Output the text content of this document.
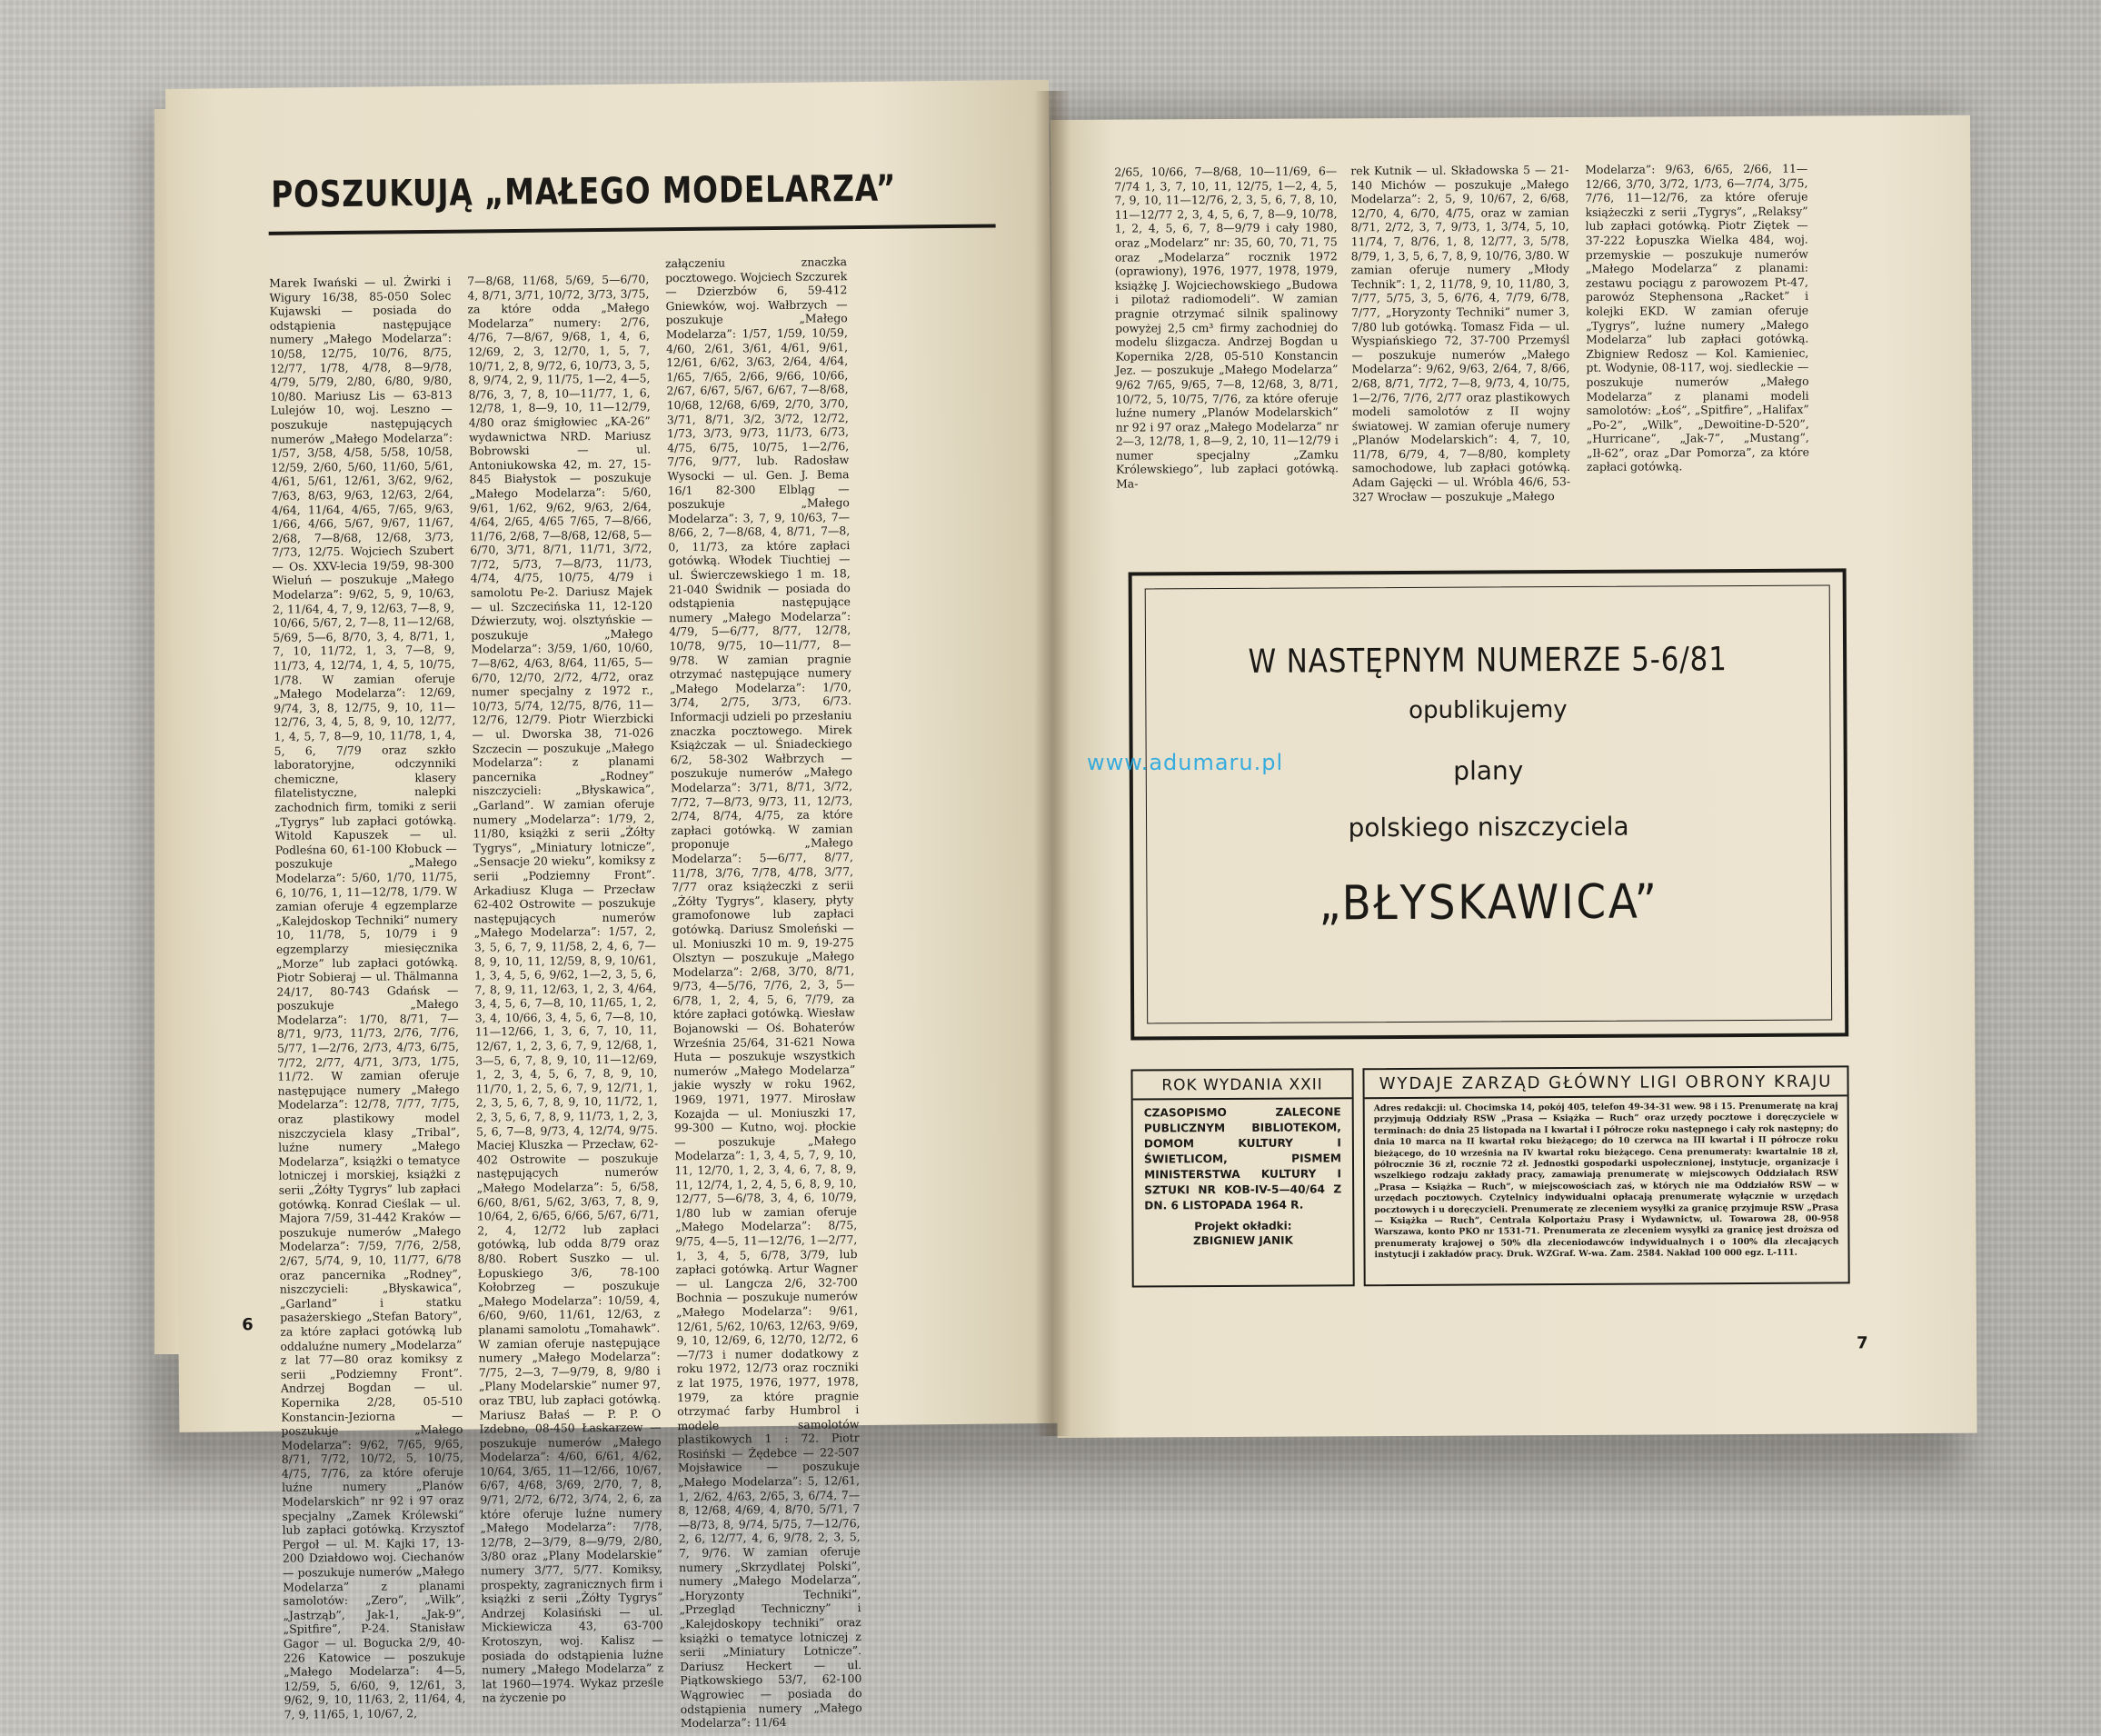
POSZUKUJĄ „MAŁEGO MODELARZA”
Marek Iwański — ul. Żwirki i Wigury 16/38, 85-050 Solec Kujawski — posiada do odstąpienia następujące numery „Małego Modelarza”: 10/58, 12/75, 10/76, 8/75, 12/77, 1/78, 4/78, 8—9/78, 4/79, 5/79, 2/80, 6/80, 9/80, 10/80. Mariusz Lis — 63-813 Lulejów 10, woj. Leszno — poszukuje następujących numerów „Małego Modelarza”: 1/57, 3/58, 4/58, 5/58, 10/58, 12/59, 2/60, 5/60, 11/60, 5/61, 4/61, 5/61, 12/61, 3/62, 9/62, 7/63, 8/63, 9/63, 12/63, 2/64, 4/64, 11/64, 4/65, 7/65, 9/63, 1/66, 4/66, 5/67, 9/67, 11/67, 2/68, 7—8/68, 12/68, 3/73, 7/73, 12/75. Wojciech Szubert — Os. XXV-lecia 19/59, 98-300 Wieluń — poszukuje „Małego Modelarza”: 9/62, 5, 9, 10/63, 2, 11/64, 4, 7, 9, 12/63, 7—8, 9, 10/66, 5/67, 2, 7—8, 11—12/68, 5/69, 5—6, 8/70, 3, 4, 8/71, 1, 7, 10, 11/72, 1, 3, 7—8, 9, 11/73, 4, 12/74, 1, 4, 5, 10/75, 1/78. W zamian oferuje „Małego Modelarza”: 12/69, 9/74, 3, 8, 12/75, 9, 10, 11—12/76, 3, 4, 5, 8, 9, 10, 12/77, 1, 4, 5, 7, 8—9, 10, 11/78, 1, 4, 5, 6, 7/79 oraz szkło laboratoryjne, odczynniki chemiczne, klasery filatelistyczne, nalepki zachodnich firm, tomiki z serii „Tygrys” lub zapłaci gotówką. Witold Kapuszek — ul. Podleśna 60, 61-100 Kłobuck — poszukuje „Małego Modelarza”: 5/60, 1/70, 11/75, 6, 10/76, 1, 11—12/78, 1/79. W zamian oferuje 4 egzemplarze „Kalejdoskop Techniki” numery 10, 11/78, 5, 10/79 i 9 egzemplarzy miesięcznika „Morze” lub zapłaci gotówką. Piotr Sobieraj — ul. Thälmanna 24/17, 80-743 Gdańsk — poszukuje „Małego Modelarza”: 1/70, 8/71, 7—8/71, 9/73, 11/73, 2/76, 7/76, 5/77, 1—2/76, 2/73, 4/73, 6/75, 7/72, 2/77, 4/71, 3/73, 1/75, 11/72. W zamian oferuje następujące numery „Małego Modelarza”: 12/78, 7/77, 7/75, oraz plastikowy model niszczyciela klasy „Tribal”, luźne numery „Małego Modelarza”, książki o tematyce lotniczej i morskiej, książki z serii „Żółty Tygrys” lub zapłaci gotówką. Konrad Cieślak — ul. Majora 7/59, 31-442 Kraków — poszukuje numerów „Małego Modelarza”: 7/59, 7/76, 2/58, 2/67, 5/74, 9, 10, 11/77, 6/78 oraz pancernika „Rodney”, niszczycieli: „Błyskawica”, „Garland” i statku pasażerskiego „Stefan Batory”, za które zapłaci gotówką lub oddaluźne numery „Modelarza” z lat 77—80 oraz komiksy z serii „Podziemny Front”. Andrzej Bogdan — ul. Kopernika 2/28, 05-510 Konstancin-Jeziorna — poszukuje „Małego Modelarza”: 9/62, 7/65, 9/65, 8/71, 7/72, 10/72, 5, 10/75, 4/75, 7/76, za które oferuje luźne numery „Planów Modelarskich” nr 92 i 97 oraz specjalny „Zamek Królewski” lub zapłaci gotówką. Krzysztof Pergoł — ul. M. Kajki 17, 13-200 Działdowo woj. Ciechanów — poszukuje numerów „Małego Modelarza” z planami samolotów: „Zero”, „Wilk”, „Jastrząb”, Jak-1, „Jak-9”, „Spitfire”, P-24. Stanisław Gagor — ul. Bogucka 2/9, 40-226 Katowice — poszukuje „Małego Modelarza”: 4—5, 12/59, 5, 6/60, 9, 12/61, 3, 9/62, 9, 10, 11/63, 2, 11/64, 4, 7, 9, 11/65, 1, 10/67, 2,
7—8/68, 11/68, 5/69, 5—6/70, 4, 8/71, 3/71, 10/72, 3/73, 3/75, za które odda „Małego Modelarza” numery: 2/76, 4/76, 7—8/67, 9/68, 1, 4, 6, 12/69, 2, 3, 12/70, 1, 5, 7, 10/71, 2, 8, 9/72, 6, 10/73, 3, 5, 8, 9/74, 2, 9, 11/75, 1—2, 4—5, 8/76, 3, 7, 8, 10—11/77, 1, 6, 12/78, 1, 8—9, 10, 11—12/79, 4/80 oraz śmigłowiec „KA-26” wydawnictwa NRD. Mariusz Bobrowski — ul. Antoniukowska 42, m. 27, 15-845 Białystok — poszukuje „Małego Modelarza”: 5/60, 9/61, 1/62, 9/62, 9/63, 2/64, 4/64, 2/65, 4/65 7/65, 7—8/66, 11/76, 2/68, 7—8/68, 12/68, 5—6/70, 3/71, 8/71, 11/71, 3/72, 7/72, 5/73, 7—8/73, 11/73, 4/74, 4/75, 10/75, 4/79 i samolotu Pe-2. Dariusz Majek — ul. Szczecińska 11, 12-120 Dźwierzuty, woj. olsztyńskie — poszukuje „Małego Modelarza”: 3/59, 1/60, 10/60, 7—8/62, 4/63, 8/64, 11/65, 5—6/70, 12/70, 2/72, 4/72, oraz numer specjalny z 1972 r., 10/73, 5/74, 12/75, 8/76, 11—12/76, 12/79. Piotr Wierzbicki — ul. Dworska 38, 71-026 Szczecin — poszukuje „Małego Modelarza”: z planami pancernika „Rodney” niszczycieli: „Błyskawica”, „Garland”. W zamian oferuje numery „Modelarza”: 1/79, 2, 11/80, książki z serii „Żółty Tygrys”, „Miniatury lotnicze”, „Sensacje 20 wieku”, komiksy z serii „Podziemny Front”. Arkadiusz Kluga — Przecław 62-402 Ostrowite — poszukuje następujących numerów „Małego Modelarza”: 1/57, 2, 3, 5, 6, 7, 9, 11/58, 2, 4, 6, 7—8, 9, 10, 11, 12/59, 8, 9, 10/61, 1, 3, 4, 5, 6, 9/62, 1—2, 3, 5, 6, 7, 8, 9, 11, 12/63, 1, 2, 3, 4/64, 3, 4, 5, 6, 7—8, 10, 11/65, 1, 2, 3, 4, 10/66, 3, 4, 5, 6, 7—8, 10, 11—12/66, 1, 3, 6, 7, 10, 11, 12/67, 1, 2, 3, 6, 7, 9, 12/68, 1, 3—5, 6, 7, 8, 9, 10, 11—12/69, 1, 2, 3, 4, 5, 6, 7, 8, 9, 10, 11/70, 1, 2, 5, 6, 7, 9, 12/71, 1, 2, 3, 5, 6, 7, 8, 9, 10, 11/72, 1, 2, 3, 5, 6, 7, 8, 9, 11/73, 1, 2, 3, 5, 6, 7—8, 9/73, 4, 12/74, 9/75. Maciej Kluszka — Przecław, 62-402 Ostrowite — poszukuje następujących numerów „Małego Modelarza”: 5, 6/58, 6/60, 8/61, 5/62, 3/63, 7, 8, 9, 10/64, 2, 6/65, 6/66, 5/67, 6/71, 2, 4, 12/72 lub zapłaci gotówką, lub odda 8/79 oraz 8/80. Robert Suszko — ul. Łopuskiego 3/6, 78-100 Kołobrzeg — poszukuje „Małego Modelarza”: 10/59, 4, 6/60, 9/60, 11/61, 12/63, z planami samolotu „Tomahawk”. W zamian oferuje następujące numery „Małego Modelarza”: 7/75, 2—3, 7—9/79, 8, 9/80 i „Plany Modelarskie” numer 97, oraz TBU, lub zapłaci gotówką. Mariusz Bałaś — P. P. O Izdebno, 08-450 Łaskarzew — poszukuje numerów „Małego Modelarza”: 4/60, 6/61, 4/62, 10/64, 3/65, 11—12/66, 10/67, 6/67, 4/68, 3/69, 2/70, 7, 8, 9/71, 2/72, 6/72, 3/74, 2, 6, za które oferuje luźne numery „Małego Modelarza”: 7/78, 12/78, 2—3/79, 8—9/79, 2/80, 3/80 oraz „Plany Modelarskie” numery 3/77, 5/77. Komiksy, prospekty, zagranicznych firm i książki z serii „Żółty Tygrys” Andrzej Kolasiński — ul. Mickiewicza 43, 63-700 Krotoszyn, woj. Kalisz — posiada do odstąpienia luźne numery „Małego Modelarza” z lat 1960—1974. Wykaz prześle na życzenie po
załączeniu znaczka pocztowego. Wojciech Szczurek — Dzierzbów 6, 59-412 Gniewków, woj. Wałbrzych — poszukuje „Małego Modelarza”: 1/57, 1/59, 10/59, 4/60, 2/61, 3/61, 4/61, 9/61, 12/61, 6/62, 3/63, 2/64, 4/64, 1/65, 7/65, 2/66, 9/66, 10/66, 2/67, 6/67, 5/67, 6/67, 7—8/68, 10/68, 12/68, 6/69, 2/70, 3/70, 3/71, 8/71, 3/2, 3/72, 12/72, 1/73, 3/73, 9/73, 11/73, 6/73, 4/75, 6/75, 10/75, 1—2/76, 7/76, 9/77, lub. Radosław Wysocki — ul. Gen. J. Bema 16/1 82-300 Elbląg — poszukuje „Małego Modelarza”: 3, 7, 9, 10/63, 7—8/66, 2, 7—8/68, 4, 8/71, 7—8, 0, 11/73, za które zapłaci gotówką. Włodek Tiuchtiej — ul. Świerczewskiego 1 m. 18, 21-040 Świdnik — posiada do odstąpienia następujące numery „Małego Modelarza”: 4/79, 5—6/77, 8/77, 12/78, 10/78, 9/75, 10—11/77, 8—9/78. W zamian pragnie otrzymać następujące numery „Małego Modelarza”: 1/70, 3/74, 2/75, 3/73, 6/73. Informacji udzieli po przesłaniu znaczka pocztowego. Mirek Książczak — ul. Śniadeckiego 6/2, 58-302 Wałbrzych — poszukuje numerów „Małego Modelarza”: 3/71, 8/71, 3/72, 7/72, 7—8/73, 9/73, 11, 12/73, 2/74, 8/74, 4/75, za które zapłaci gotówką. W zamian proponuje „Małego Modelarza”: 5—6/77, 8/77, 11/78, 3/76, 7/78, 4/78, 3/77, 7/77 oraz książeczki z serii „Żółty Tygrys”, klasery, płyty gramofonowe lub zapłaci gotówką. Dariusz Smoleński — ul. Moniuszki 10 m. 9, 19-275 Olsztyn — poszukuje „Małego Modelarza”: 2/68, 3/70, 8/71, 9/73, 4—5/76, 7/76, 2, 3, 5—6/78, 1, 2, 4, 5, 6, 7/79, za które zapłaci gotówką. Wiesław Bojanowski — Oś. Bohaterów Września 25/64, 31-621 Nowa Huta — poszukuje wszystkich numerów „Małego Modelarza” jakie wyszły w roku 1962, 1969, 1971, 1977. Mirosław Kozajda — ul. Moniuszki 17, 99-300 — Kutno, woj. płockie — poszukuje „Małego Modelarza”: 1, 3, 4, 5, 7, 9, 10, 11, 12/70, 1, 2, 3, 4, 6, 7, 8, 9, 11, 12/74, 1, 2, 4, 5, 6, 8, 9, 10, 12/77, 5—6/78, 3, 4, 6, 10/79, 1/80 lub w zamian oferuje „Małego Modelarza”: 8/75, 9/75, 4—5, 11—12/76, 1—2/77, 1, 3, 4, 5, 6/78, 3/79, lub zapłaci gotówką. Artur Wagner — ul. Langcza 2/6, 32-700 Bochnia — poszukuje numerów „Małego Modelarza”: 9/61, 12/61, 5/62, 10/63, 12/63, 9/69, 9, 10, 12/69, 6, 12/70, 12/72, 6—7/73 i numer dodatkowy z roku 1972, 12/73 oraz roczniki z lat 1975, 1976, 1977, 1978, 1979, za które pragnie otrzymać farby Humbrol i modele samolotów plastikowych 1 : 72. Piotr Rosiński — Żędebce — 22-507 Mojsławice — poszukuje „Małego Modelarza”: 5, 12/61, 1, 2/62, 4/63, 2/65, 3, 6/74, 7—8, 12/68, 4/69, 4, 8/70, 5/71, 7—8/73, 8, 9/74, 5/75, 7—12/76, 2, 6, 12/77, 4, 6, 9/78, 2, 3, 5, 7, 9/76. W zamian oferuje numery „Skrzydlatej Polski”, numery „Małego Modelarza”, „Horyzonty Techniki”, „Przegląd Techniczny” i „Kalejdoskopy techniki” oraz książki o tematyce lotniczej z serii „Miniatury Lotnicze”. Dariusz Heckert — ul. Piątkowskiego 53/7, 62-100 Wągrowiec — posiada do odstąpienia numery „Małego Modelarza”: 11/64
6
2/65, 10/66, 7—8/68, 10—11/69, 6—7/74 1, 3, 7, 10, 11, 12/75, 1—2, 4, 5, 7, 9, 10, 11—12/76, 2, 3, 5, 6, 7, 8, 10, 11—12/77 2, 3, 4, 5, 6, 7, 8—9, 10/78, 1, 2, 4, 5, 6, 7, 8—9/79 i cały 1980, oraz „Modelarz” nr: 35, 60, 70, 71, 75 oraz „Modelarza” rocznik 1972 (oprawiony), 1976, 1977, 1978, 1979, książkę J. Wojciechowskiego „Budowa i pilotaż radiomodeli”. W zamian pragnie otrzymać silnik spalinowy powyżej 2,5 cm³ firmy zachodniej do modelu ślizgacza. Andrzej Bogdan u Kopernika 2/28, 05-510 Konstancin Jez. — poszukuje „Małego Modelarza” 9/62 7/65, 9/65, 7—8, 12/68, 3, 8/71, 10/72, 5, 10/75, 7/76, za które oferuje luźne numery „Planów Modelarskich” nr 92 i 97 oraz „Małego Modelarza” nr 2—3, 12/78, 1, 8—9, 2, 10, 11—12/79 i numer specjalny „Zamku Królewskiego”, lub zapłaci gotówką. Ma-
rek Kutnik — ul. Składowska 5 — 21-140 Michów — poszukuje „Małego Modelarza”: 2, 5, 9, 10/67, 2, 6/68, 12/70, 4, 6/70, 4/75, oraz w zamian 8/71, 2/72, 3, 7, 9/73, 1, 3/74, 5, 10, 11/74, 7, 8/76, 1, 8, 12/77, 3, 5/78, 8/79, 1, 3, 5, 6, 7, 8, 9, 10/76, 3/80. W zamian oferuje numery „Młody Technik”: 1, 2, 11/78, 9, 10, 11/80, 3, 7/77, 5/75, 3, 5, 6/76, 4, 7/79, 6/78, 7/77, „Horyzonty Techniki” numer 3, 7/80 lub gotówką. Tomasz Fida — ul. Wyspiańskiego 72, 37-700 Przemyśl — poszukuje numerów „Małego Modelarza”: 9/62, 9/63, 2/64, 7, 8/66, 2/68, 8/71, 7/72, 7—8, 9/73, 4, 10/75, 1—2/76, 7/76, 2/77 oraz plastikowych modeli samolotów z II wojny światowej. W zamian oferuje numery „Planów Modelarskich”: 4, 7, 10, 11/78, 6/79, 4, 7—8/80, komplety samochodowe, lub zapłaci gotówką. Adam Gajęcki — ul. Wróbla 46/6, 53-327 Wrocław — poszukuje „Małego
Modelarza”: 9/63, 6/65, 2/66, 11—12/66, 3/70, 3/72, 1/73, 6—7/74, 3/75, 7/76, 11—12/76, za które oferuje książeczki z serii „Tygrys”, „Relaksy” lub zapłaci gotówką. Piotr Ziętek — 37-222 Łopuszka Wielka 484, woj. przemyskie — poszukuje numerów „Małego Modelarza” z planami: zestawu pociągu z parowozem Pt-47, parowóz Stephensona „Racket” i kolejki EKD. W zamian oferuje „Tygrys”, luźne numery „Małego Modelarza” lub zapłaci gotówką. Zbigniew Redosz — Kol. Kamieniec, pt. Wodynie, 08-117, woj. siedleckie — poszukuje numerów „Małego Modelarza” z planami modeli samolotów: „Łoś”, „Spitfire”, „Halifax” „Po-2”, „Wilk”, „Dewoitine-D-520”, „Hurricane”, „Jak-7”, „Mustang”, „Ił-62”, oraz „Dar Pomorza”, za które zapłaci gotówką.
W NASTĘPNYM NUMERZE 5-6/81
opublikujemy
plany
polskiego niszczyciela
„BŁYSKAWICA”
ROK WYDANIA XXII
CZASOPISMO ZALECONE PUBLICZNYM BIBLIOTEKOM, DOMOM KULTURY I ŚWIETLICOM, PISMEM MINISTERSTWA KULTURY I SZTUKI NR KOB-IV-5—40/64 Z DN. 6 LISTOPADA 1964 R.
Projekt okładki:
ZBIGNIEW JANIK
WYDAJE ZARZĄD GŁÓWNY LIGI OBRONY KRAJU
Adres redakcji: ul. Chocimska 14, pokój 405, telefon 49-34-31 wew. 98 i 15. Prenumeratę na kraj przyjmują Oddziały RSW „Prasa — Książka — Ruch” oraz urzędy pocztowe i doręczyciele w terminach: do dnia 25 listopada na I kwartał i I półrocze roku następnego i cały rok następny; do dnia 10 marca na II kwartał roku bieżącego; do 10 czerwca na III kwartał i II półrocze roku bieżącego, do 10 września na IV kwartał roku bieżącego. Cena prenumeraty: kwartalnie 18 zł, półrocznie 36 zł, rocznie 72 zł. Jednostki gospodarki uspołecznionej, instytucje, organizacje i wszelkiego rodzaju zakłady pracy, zamawiają prenumeratę w miejscowych Oddziałach RSW „Prasa — Książka — Ruch”, w miejscowościach zaś, w których nie ma Oddziałów RSW — w urzędach pocztowych. Czytelnicy indywidualni opłacają prenumeratę wyłącznie w urzędach pocztowych i u doręczycieli. Prenumeratę ze zleceniem wysyłki za granicę przyjmuje RSW „Prasa — Książka — Ruch”, Centrala Kolportażu Prasy i Wydawnictw, ul. Towarowa 28, 00-958 Warszawa, konto PKO nr 1531-71. Prenumerata ze zleceniem wysyłki za granicę jest droższa od prenumeraty krajowej o 50% dla zleceniodawców indywidualnych i o 100% dla zlecających instytucji i zakładów pracy. Druk. WZGraf. W-wa. Zam. 2584. Nakład 100 000 egz. L-111.
7
www.adumaru.pl
